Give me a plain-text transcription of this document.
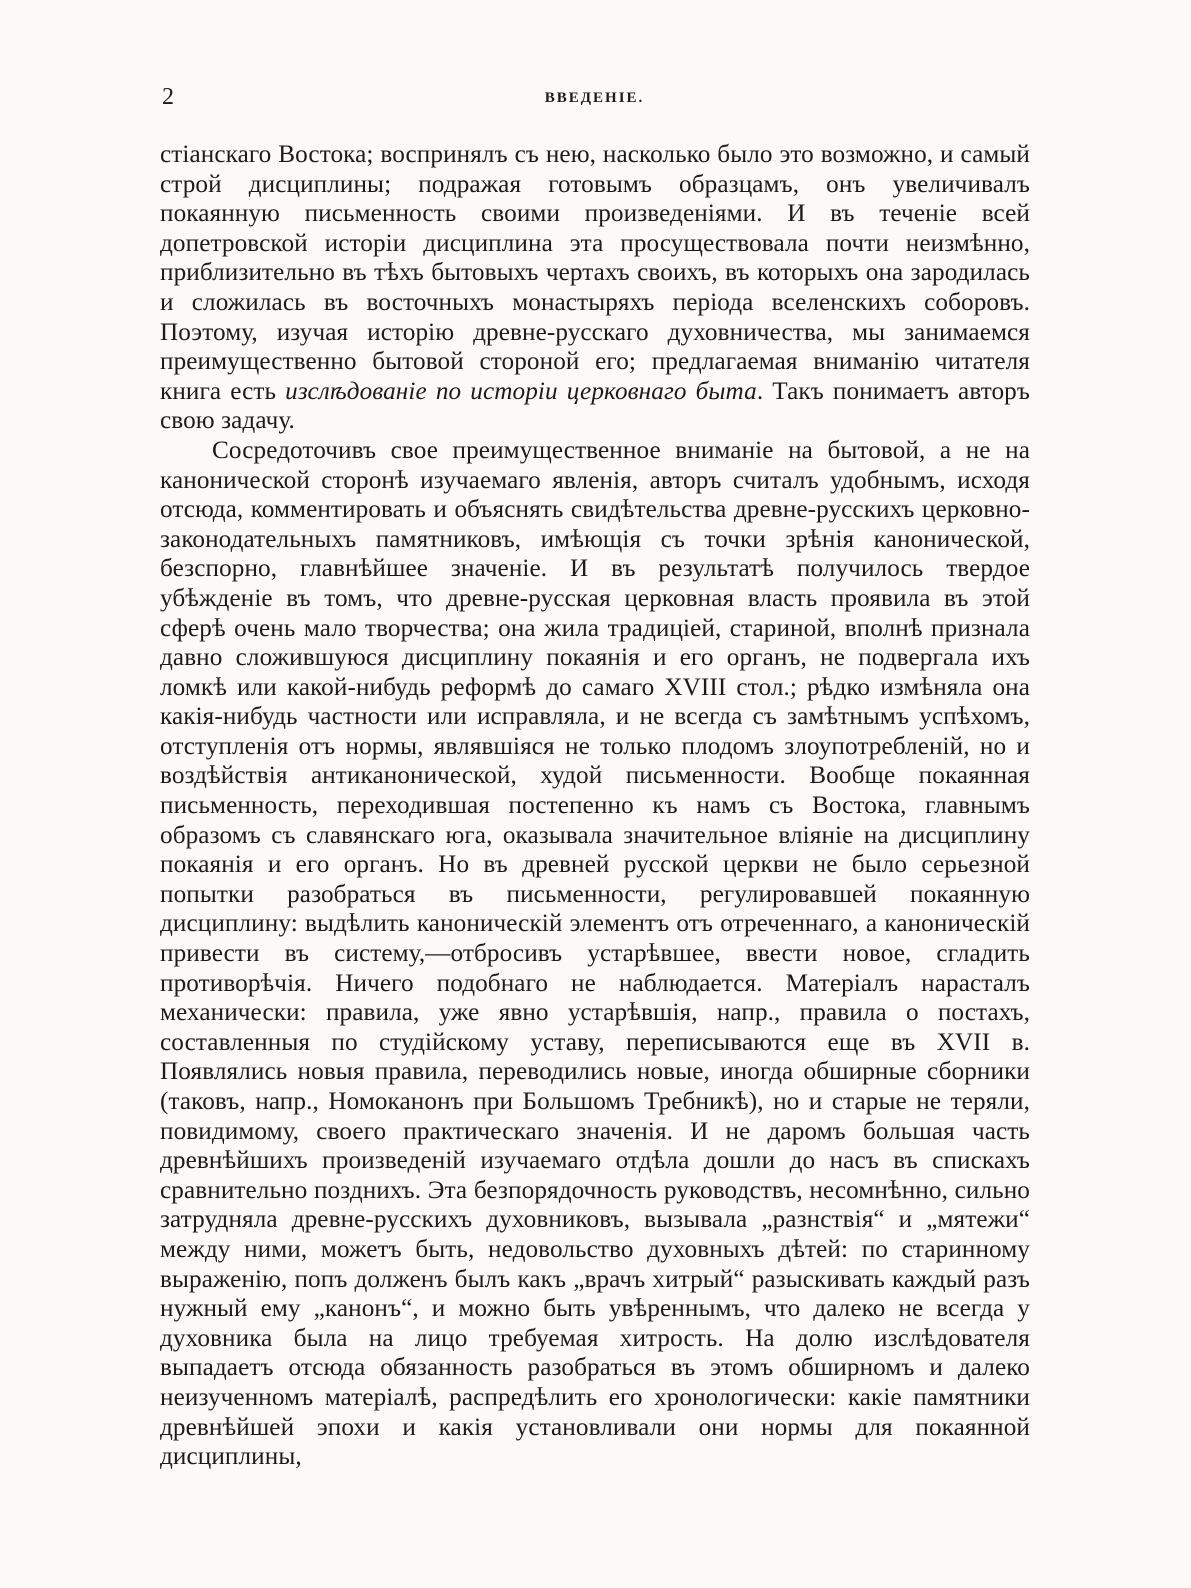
2	ВВЕДЕНІЕ.

стіанскаго Востока; воспринялъ съ нею, насколько было это возможно, и самый строй дисциплины; подражая готовымъ образцамъ, онъ увеличивалъ покаянную письменность своими произведеніями. И въ теченіе всей допетровской исторіи дисциплина эта просуществовала почти неизмѣнно, приблизительно въ тѣхъ бытовыхъ чертахъ своихъ, въ которыхъ она зародилась и сложилась въ восточныхъ монастыряхъ періода вселенскихъ соборовъ. Поэтому, изучая исторію древне-русскаго духовничества, мы занимаемся преимущественно бытовой стороной его; предлагаемая вниманію читателя книга есть изслѣдованіе по исторіи церковнаго быта. Такъ понимаетъ авторъ свою задачу.

Сосредоточивъ свое преимущественное вниманіе на бытовой, а не на канонической сторонѣ изучаемаго явленія, авторъ считалъ удобнымъ, исходя отсюда, комментировать и объяснять свидѣтельства древне-русскихъ церковно-законодательныхъ памятниковъ, имѣющія съ точки зрѣнія канонической, безспорно, главнѣйшее значеніе. И въ результатѣ получилось твердое убѣжденіе въ томъ, что древне-русская церковная власть проявила въ этой сферѣ очень мало творчества; она жила традиціей, стариной, вполнѣ признала давно сложившуюся дисциплину покаянія и его органъ, не подвергала ихъ ломкѣ или какой-нибудь реформѣ до самаго XVIII стол.; рѣдко измѣняла она какія-нибудь частности или исправляла, и не всегда съ замѣтнымъ успѣхомъ, отступленія отъ нормы, являвшіяся не только плодомъ злоупотребленій, но и воздѣйствія антиканонической, худой письменности. Вообще покаянная письменность, переходившая постепенно къ намъ съ Востока, главнымъ образомъ съ славянскаго юга, оказывала значительное вліяніе на дисциплину покаянія и его органъ. Но въ древней русской церкви не было серьезной попытки разобраться въ письменности, регулировавшей покаянную дисциплину: выдѣлить каноническій элементъ отъ отреченнаго, а каноническій привести въ систему,—отбросивъ устарѣвшее, ввести новое, сгладить противорѣчія. Ничего подобнаго не наблюдается. Матеріалъ нарасталъ механически: правила, уже явно устарѣвшія, напр., правила о постахъ, составленныя по студійскому уставу, переписываются еще въ XVII в. Появлялись новыя правила, переводились новые, иногда обширные сборники (таковъ, напр., Номоканонъ при Большомъ Требникѣ), но и старые не теряли, повидимому, своего практическаго значенія. И не даромъ большая часть древнѣйшихъ произведеній изучаемаго отдѣла дошли до насъ въ спискахъ сравнительно позднихъ. Эта безпорядочность руководствъ, несомнѣнно, сильно затрудняла древне-русскихъ духовниковъ, вызывала „разнствія“ и „мятежи“ между ними, можетъ быть, недовольство духовныхъ дѣтей: по старинному выраженію, попъ долженъ былъ какъ „врачъ хитрый“ разыскивать каждый разъ нужный ему „канонъ“, и можно быть увѣреннымъ, что далеко не всегда у духовника была на лицо требуемая хитрость. На долю изслѣдователя выпадаетъ отсюда обязанность разобраться въ этомъ обширномъ и далеко неизученномъ матеріалѣ, распредѣлить его хронологически: какіе памятники древнѣйшей эпохи и какія установливали они нормы для покаянной дисциплины,
